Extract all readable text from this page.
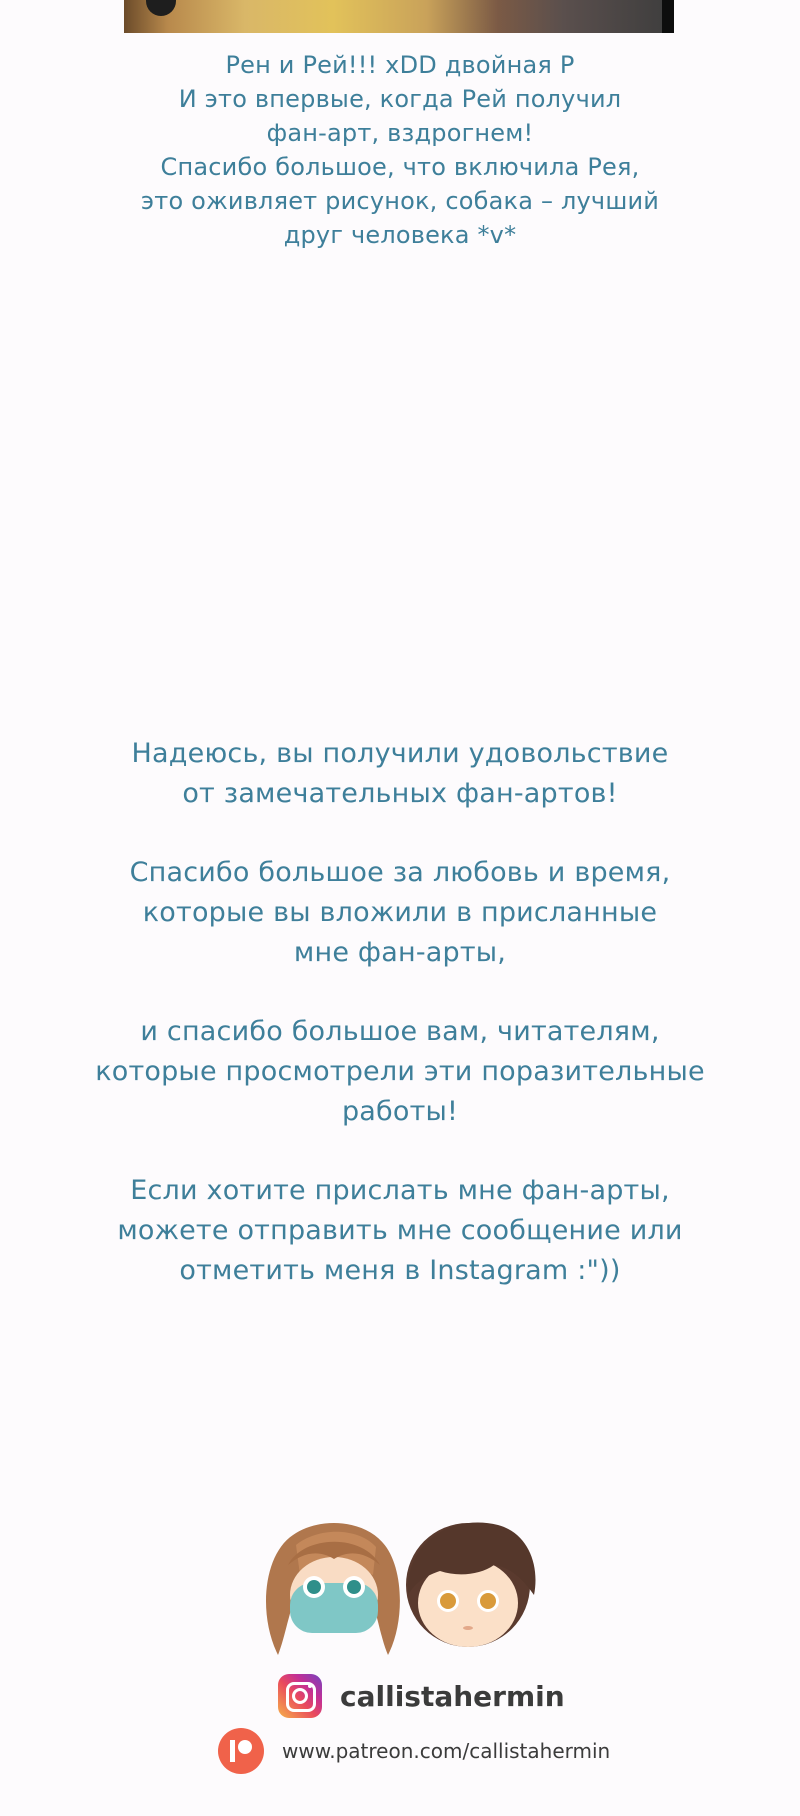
Рен и Рей!!! xDD двойная Р
И это впервые, когда Рей получил
фан-арт, вздрогнем!
Спасибо большое, что включила Рея,
это оживляет рисунок, собака – лучший
друг человека *v*
Надеюсь, вы получили удовольствие
от замечательных фан-артов!
Спасибо большое за любовь и время,
которые вы вложили в присланные
мне фан-арты,
и спасибо большое вам, читателям,
которые просмотрели эти поразительные
работы!
Если хотите прислать мне фан-арты,
можете отправить мне сообщение или
отметить меня в Instagram :"))
callistahermin
www.patreon.com/callistahermin
